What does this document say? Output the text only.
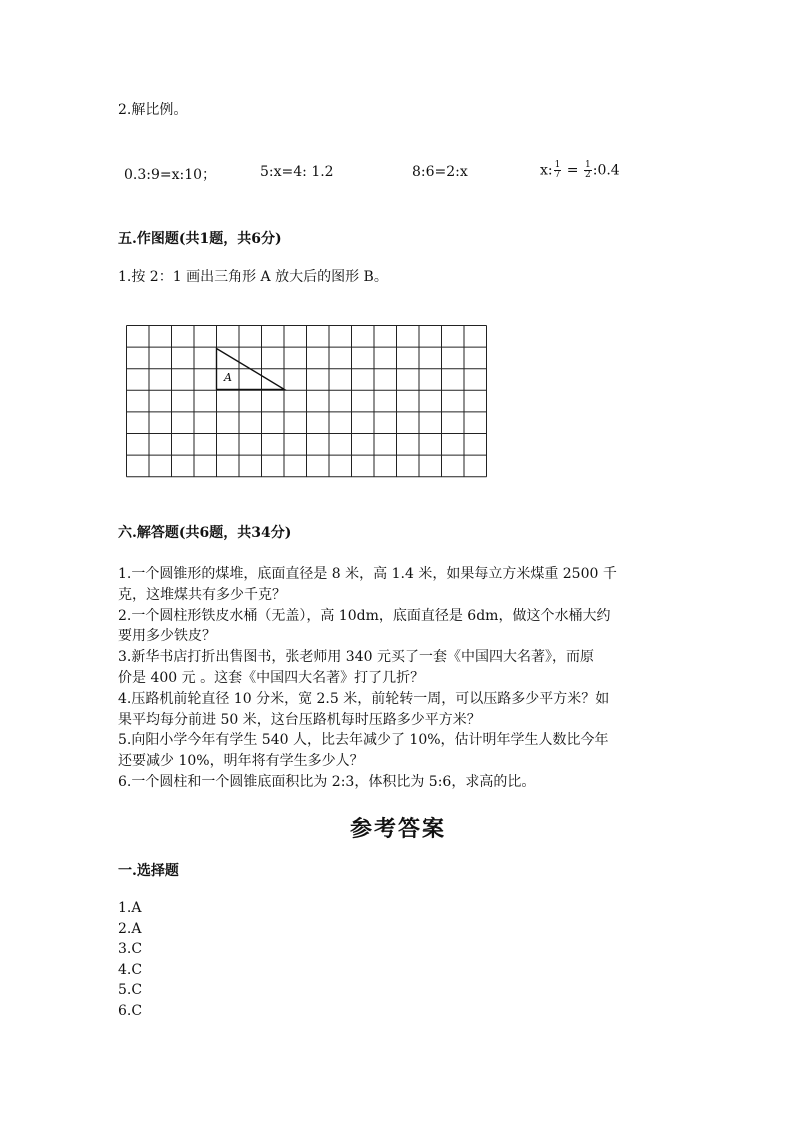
2.解比例。
0.3:9=x:10；	5:x=4: 1.2	8:6=2:x	x: $\frac{1}{7} = \frac{1}{2}$ :0.4
五.作图题(共1题，共6分)
1.按 2：1 画出三角形 A 放大后的图形 B。
A
六.解答题(共6题，共34分)
1.一个圆锥形的煤堆，底面直径是 8 米，高 1.4 米，如果每立方米煤重 2500 千
克，这堆煤共有多少千克？
2.一个圆柱形铁皮水桶（无盖），高 10dm，底面直径是 6dm，做这个水桶大约
要用多少铁皮？
3.新华书店打折出售图书，张老师用 340 元买了一套《中国四大名著》，而原
价是 400 元 。这套《中国四大名著》打了几折？
4.压路机前轮直径 10 分米，宽 2.5 米，前轮转一周，可以压路多少平方米？如
果平均每分前进 50 米，这台压路机每时压路多少平方米？
5.向阳小学今年有学生 540 人，比去年减少了 10%，估计明年学生人数比今年
还要减少 10%，明年将有学生多少人？
6.一个圆柱和一个圆锥底面积比为 2:3，体积比为 5:6，求高的比。
参考答案
一.选择题
1.A
2.A
3.C
4.C
5.C
6.C
